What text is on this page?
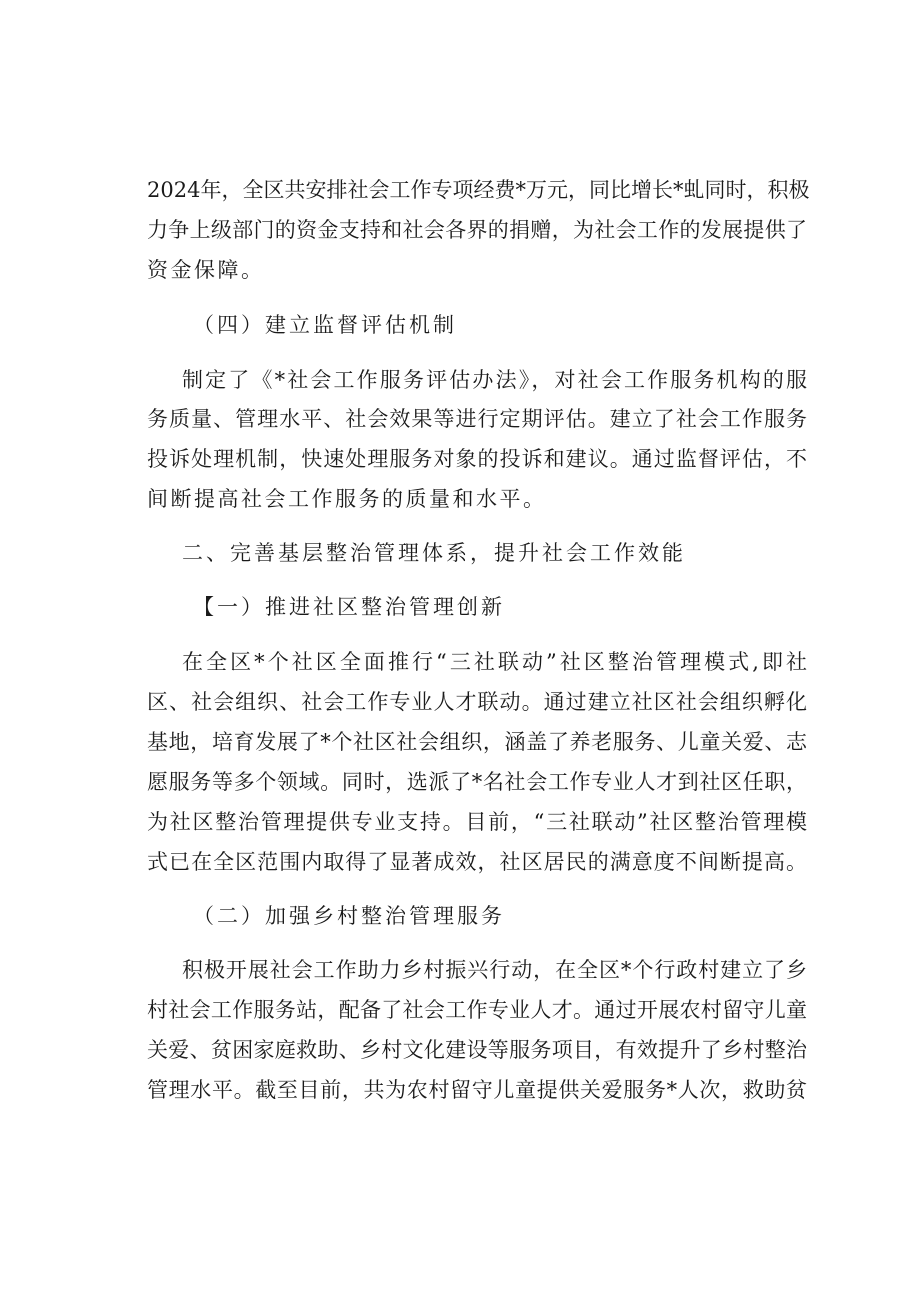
2024年，全区共安排社会工作专项经费*万元，同比增长*虬同时，积极
力争上级部门的资金支持和社会各界的捐赠，为社会工作的发展提供了
资金保障。
（四）建立监督评估机制
制定了《*社会工作服务评估办法》，对社会工作服务机构的服
务质量、管理水平、社会效果等进行定期评估。建立了社会工作服务
投诉处理机制，快速处理服务对象的投诉和建议。通过监督评估，不
间断提高社会工作服务的质量和水平。
二、完善基层整治管理体系，提升社会工作效能
【一）推进社区整治管理创新
在全区*个社区全面推行“三社联动”社区整治管理模式,即社
区、社会组织、社会工作专业人才联动。通过建立社区社会组织孵化
基地，培育发展了*个社区社会组织，涵盖了养老服务、儿童关爱、志
愿服务等多个领域。同时，选派了*名社会工作专业人才到社区任职，
为社区整治管理提供专业支持。目前，“三社联动”社区整治管理模
式已在全区范围内取得了显著成效，社区居民的满意度不间断提高。
（二）加强乡村整治管理服务
积极开展社会工作助力乡村振兴行动，在全区*个行政村建立了乡
村社会工作服务站，配备了社会工作专业人才。通过开展农村留守儿童
关爱、贫困家庭救助、乡村文化建设等服务项目，有效提升了乡村整治
管理水平。截至目前，共为农村留守儿童提供关爱服务*人次，救助贫
